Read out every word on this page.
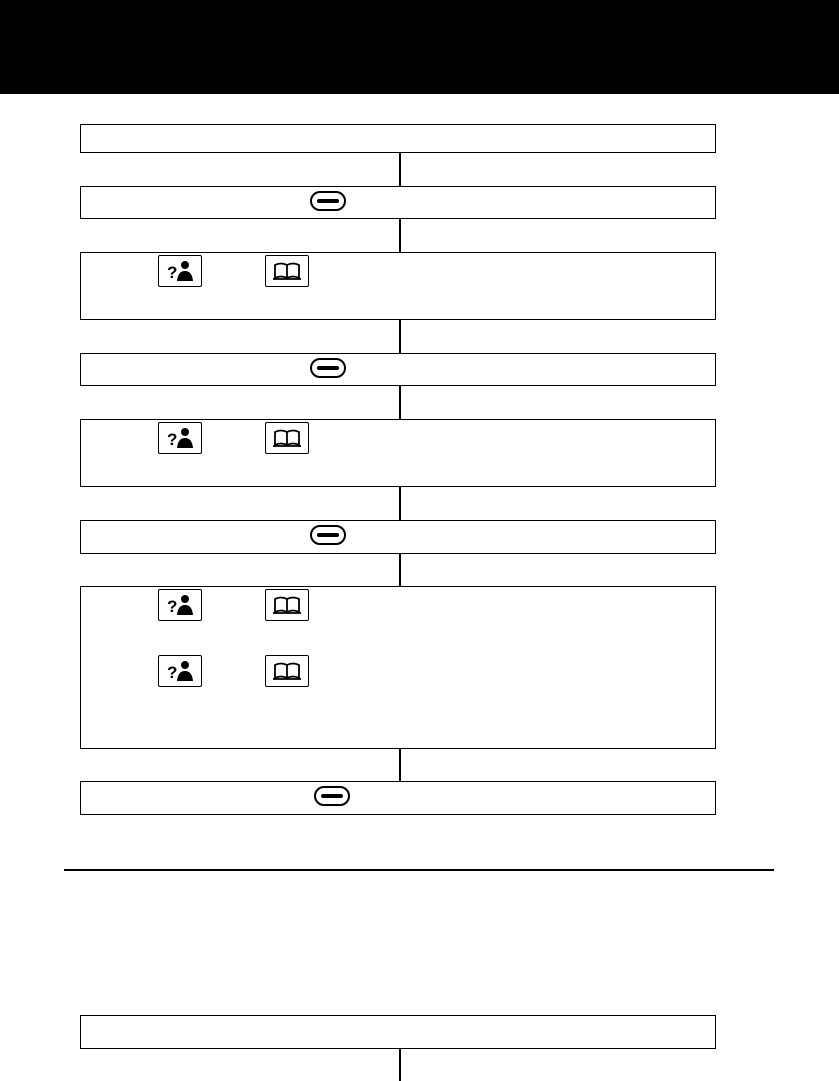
?
?
?
?
